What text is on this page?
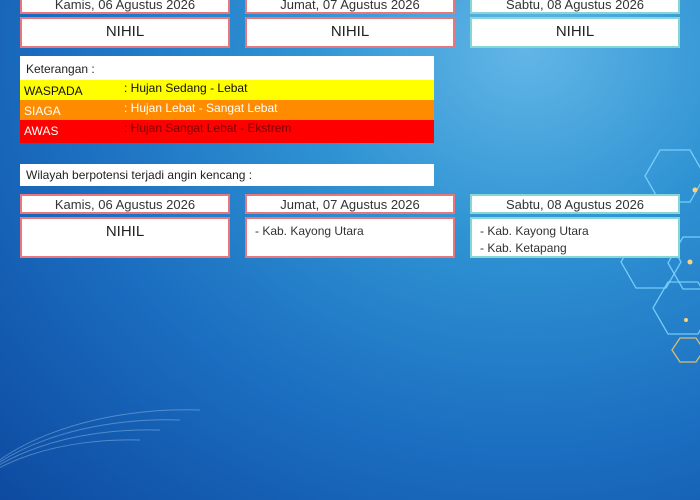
Kamis, 06 Agustus 2026	Jumat, 07 Agustus 2026	Sabtu, 08 Agustus 2026
NIHIL	NIHIL	NIHIL
Keterangan :
WASPADA	: Hujan Sedang - Lebat
SIAGA	: Hujan Lebat - Sangat Lebat
AWAS	: Hujan Sangat Lebat - Ekstrem
Wilayah berpotensi terjadi angin kencang :
Kamis, 06 Agustus 2026	Jumat, 07 Agustus 2026	Sabtu, 08 Agustus 2026
NIHIL	- Kab. Kayong Utara	- Kab. Kayong Utara
- Kab. Ketapang
